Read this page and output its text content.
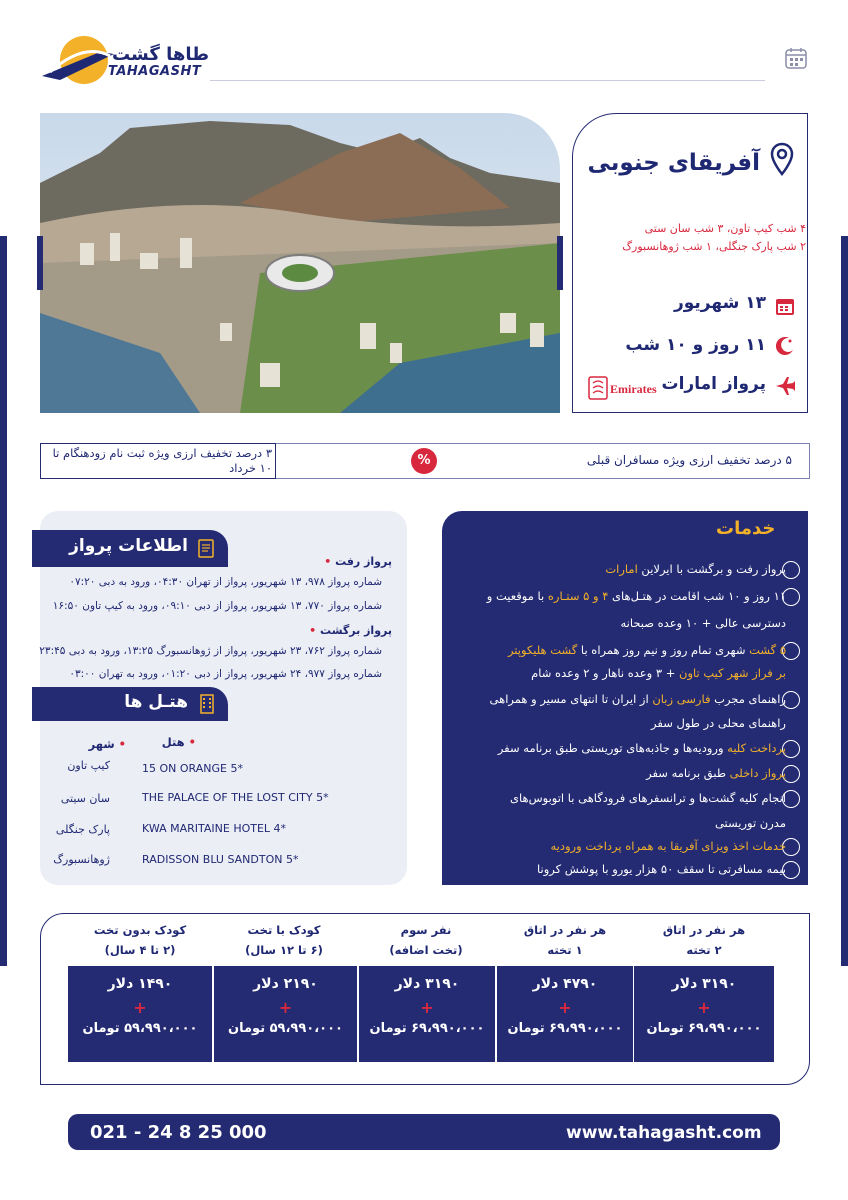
طاها گشت
TAHAGASHT
آفریقای جنوبی
۴ شب کیپ تاون، ۳ شب سان ستی
۲ شب پارک جنگلی، ۱ شب ژوهانسبورگ
۱۳ شهریور
۱۱ روز و ۱۰ شب
پرواز امارات
Emirates
۳ درصد تخفیف ارزی ویژه ثبت نام زودهنگام تا ۱۰ خرداد	%	۵ درصد تخفیف ارزی ویژه مسافران قبلی
اطلاعات پرواز
پرواز رفت •
شماره پرواز ۹۷۸، ۱۳ شهریور، پرواز از تهران ۰۴:۳۰، ورود به دبی ۰۷:۲۰
شماره پرواز ۷۷۰، ۱۳ شهریور، پرواز از دبی ۰۹:۱۰، ورود به کیپ تاون ۱۶:۵۰
پرواز برگشت •
شماره پرواز ۷۶۲، ۲۳ شهریور، پرواز از ژوهانسبورگ ۱۳:۲۵، ورود به دبی ۲۳:۴۵
شماره پرواز ۹۷۷، ۲۴ شهریور، پرواز از دبی ۰۱:۲۰، ورود به تهران ۰۳:۰۰
هتـل ها
• شهر	• هتل
کیپ تاون	15 ON ORANGE 5*
سان سیتی	THE PALACE OF THE LOST CITY 5*
پارک جنگلی	KWA MARITAINE HOTEL 4*
ژوهانسبورگ	RADISSON BLU SANDTON 5*
خدمات
پرواز رفت و برگشت با ایرلاین امارات
۱۱ روز و ۱۰ شب اقامت در هتـل‌های ۴ و ۵ ستـاره با موقعیت و
دسترسی عالی + ۱۰ وعده صبحانه
۵ گشت شهری تمام روز و نیم روز همراه با گشت هلیکوپتر
بر فراز شهر کیپ تاون + ۳ وعده ناهار و ۲ وعده شام
راهنمای مجرب فارسی زبان از ایران تا انتهای مسیر و همراهی
راهنمای محلی در طول سفر
پرداخت کلیه ورودیه‌ها و جاذبه‌های توریستی طبق برنامه سفر
پرواز داخلی طبق برنامه سفر
انجام کلیه گشت‌ها و ترانسفرهای فرودگاهی با اتوبوس‌های
مدرن توریستی
خدمات اخذ ویزای آفریقا به همراه پرداخت ورودیه
بیمه مسافرتی تا سقف ۵۰ هزار یورو با پوشش کرونا
هر نفر در اتاق
۲ تخته
۳۱۹۰ دلار
+
۶۹،۹۹۰،۰۰۰ تومان
هر نفر در اتاق
۱ تخته
۴۷۹۰ دلار
+
۶۹،۹۹۰،۰۰۰ تومان
نفر سوم
(تخت اضافه)
۳۱۹۰ دلار
+
۶۹،۹۹۰،۰۰۰ تومان
کودک با تخت
(۶ تا ۱۲ سال)
۲۱۹۰ دلار
+
۵۹،۹۹۰،۰۰۰ تومان
کودک بدون تخت
(۲ تا ۴ سال)
۱۴۹۰ دلار
+
۵۹،۹۹۰،۰۰۰ تومان
021 - 24 8 25 000	www.tahagasht.com
